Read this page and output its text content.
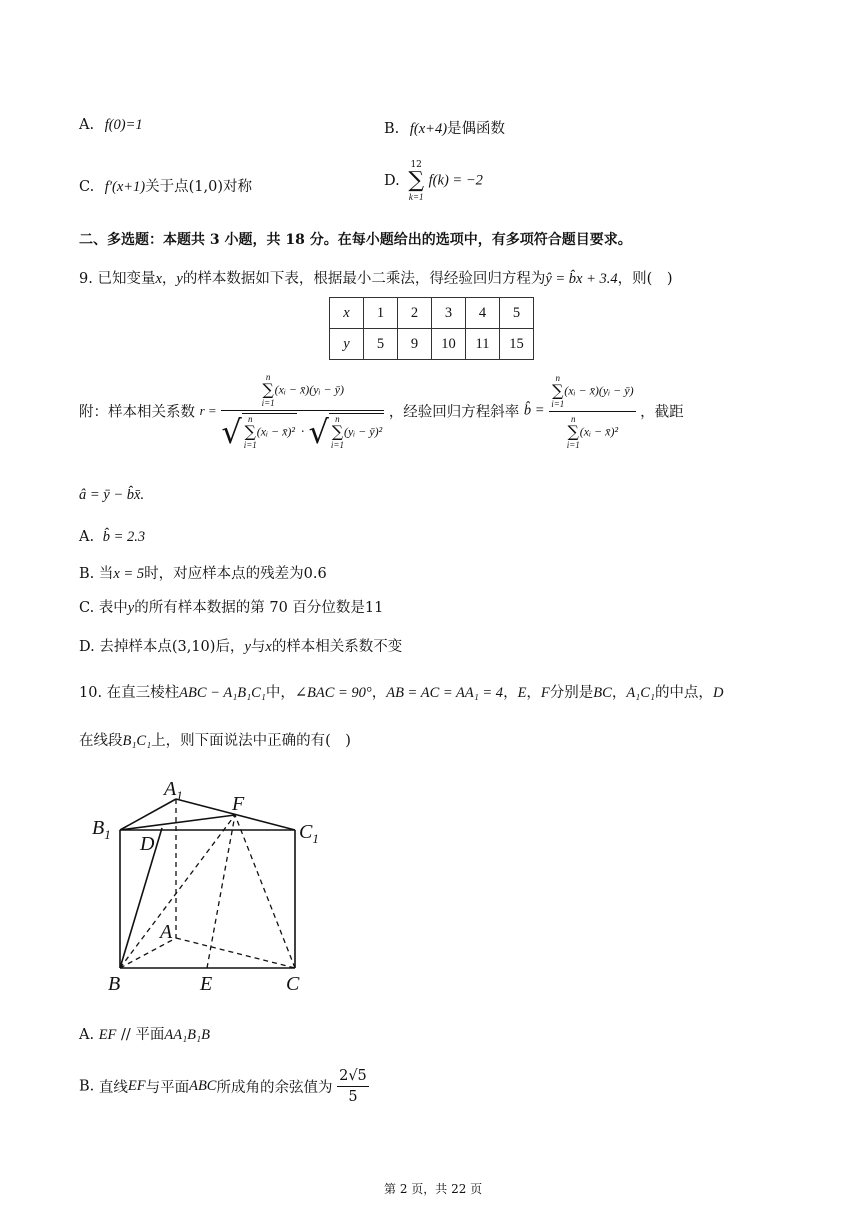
A. f(0)=1	B. f(x+4)是偶函数
C. f′(x+1)关于点(1,0)对称	D.
12
∑
k=1
f(k) = −2
二、多选题：本题共 3 小题，共 18 分。在每小题给出的选项中，有多项符合题目要求。
9. 已知变量x，y的样本数据如下表，根据最小二乘法，得经验回归方程为ŷ = b̂x + 3.4，则(　)
x	1	2	3	4	5
y	5	9	10	11	15
附：样本相关系数 r = n
∑
i=1
(xᵢ − x̄)(yᵢ − ȳ)
√ n
∑
i=1
(xᵢ − x̄)² · √ n
∑
i=1
(yᵢ − ȳ)² ，经验回归方程斜率 b̂ = n
∑
i=1
(xᵢ − x̄)(yᵢ − ȳ)
n
∑
i=1
(xᵢ − x̄)² ，截距
â = ȳ − b̂x̄.
A. b̂ = 2.3
B. 当x = 5时，对应样本点的残差为0.6
C. 表中y的所有样本数据的第 70 百分位数是11
D. 去掉样本点(3,10)后，y与x的样本相关系数不变
10. 在直三棱柱ABC − A₁B₁C₁中，∠BAC = 90°，AB = AC = AA₁ = 4，E，F分别是BC，A₁C₁的中点，D
在线段B₁C₁上，则下面说法中正确的有(　)
$A_1$ F
$B_1$	$C_1$
D
A
B	E	C
A. EF // 平面AA₁B₁B
B. 直线EF与平面ABC所成角的余弦值为 $\frac{2√5}{5}$
第 2 页，共 22 页
